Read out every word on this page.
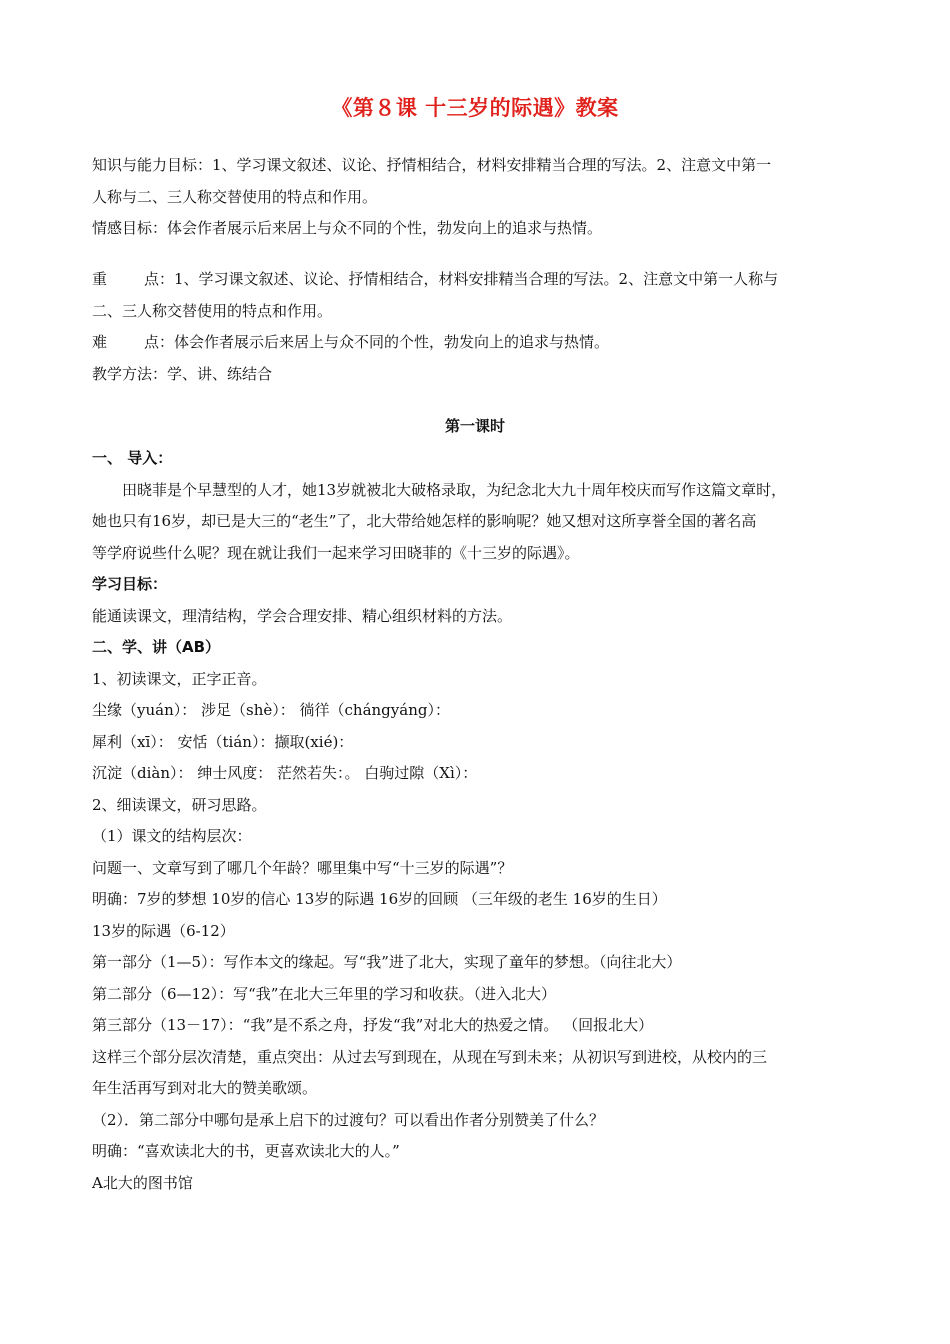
《第８课 十三岁的际遇》教案
知识与能力目标：1、学习课文叙述、议论、抒情相结合，材料安排精当合理的写法。2、注意文中第一
人称与二、三人称交替使用的特点和作用。
情感目标：体会作者展示后来居上与众不同的个性，勃发向上的追求与热情。
重 点：1、学习课文叙述、议论、抒情相结合，材料安排精当合理的写法。2、注意文中第一人称与
二、三人称交替使用的特点和作用。
难 点：体会作者展示后来居上与众不同的个性，勃发向上的追求与热情。
教学方法：学、讲、练结合
第一课时
一、 导入：
田晓菲是个早慧型的人才，她13岁就被北大破格录取，为纪念北大九十周年校庆而写作这篇文章时，
她也只有16岁，却已是大三的“老生”了，北大带给她怎样的影响呢？她又想对这所享誉全国的著名高
等学府说些什么呢？现在就让我们一起来学习田晓菲的《十三岁的际遇》。
学习目标：
能通读课文，理清结构，学会合理安排、精心组织材料的方法。
二、学、讲（AB）
1、初读课文，正字正音。
尘缘（yuán）： 涉足（shè）： 徜徉（chángyáng）：
犀利（xī）： 安恬（tián）：撷取(xié)：
沉淀（diàn）： 绅士风度： 茫然若失：。 白驹过隙（Xì）：
2、细读课文，研习思路。
（1）课文的结构层次：
问题一、文章写到了哪几个年龄？哪里集中写“十三岁的际遇”？
明确：7岁的梦想 10岁的信心 13岁的际遇 16岁的回顾 （三年级的老生 16岁的生日）
13岁的际遇（6-12）
第一部分（1—5）：写作本文的缘起。写“我”进了北大，实现了童年的梦想。（向往北大）
第二部分（6—12）：写“我”在北大三年里的学习和收获。（进入北大）
第三部分（13－17）：“我”是不系之舟，抒发“我”对北大的热爱之情。 （回报北大）
这样三个部分层次清楚，重点突出：从过去写到现在，从现在写到未来；从初识写到进校，从校内的三
年生活再写到对北大的赞美歌颂。
（2）．第二部分中哪句是承上启下的过渡句？可以看出作者分别赞美了什么？
明确：“喜欢读北大的书，更喜欢读北大的人。”
A北大的图书馆
